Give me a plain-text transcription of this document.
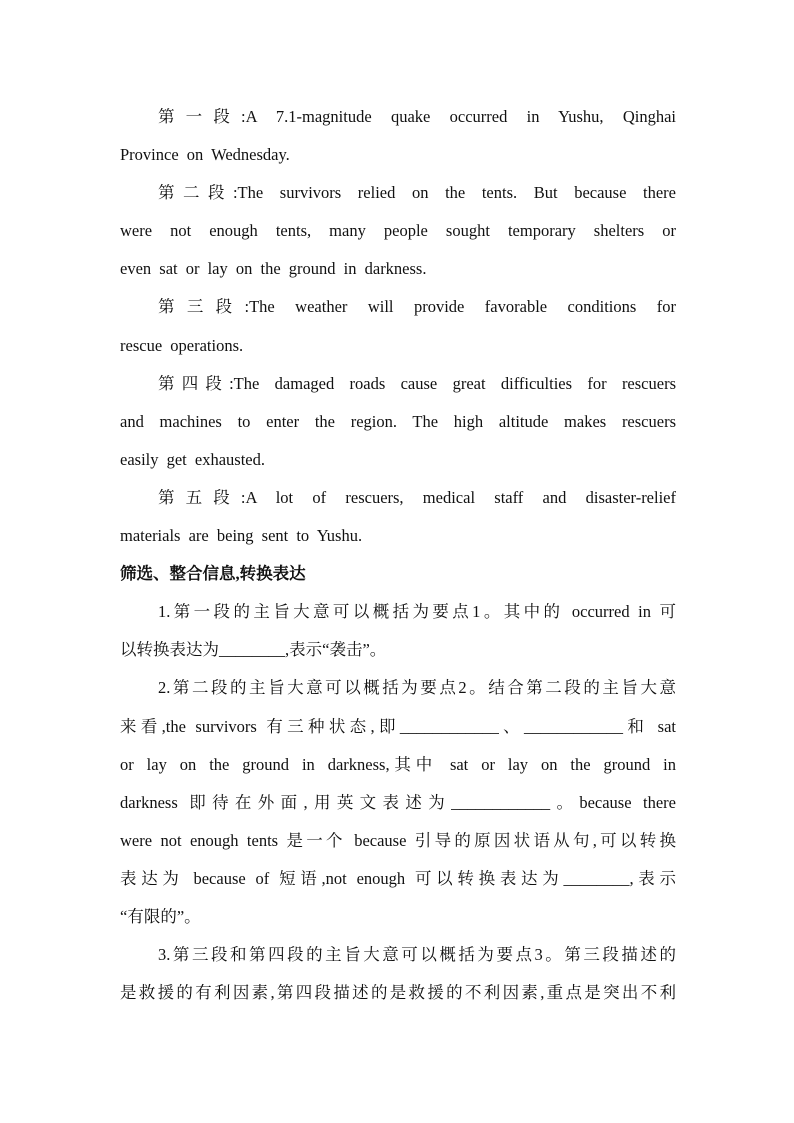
第一段:A 7.1-magnitude quake occurred in Yushu, Qinghai
Province on Wednesday.
第二段:The survivors relied on the tents. But because there
were not enough tents, many people sought temporary shelters or
even sat or lay on the ground in darkness.
第三段:The weather will provide favorable conditions for
rescue operations.
第四段:The damaged roads cause great difficulties for rescuers
and machines to enter the region. The high altitude makes rescuers
easily get exhausted.
第五段:A lot of rescuers, medical staff and disaster-relief
materials are being sent to Yushu.
筛选、整合信息,转换表达
1.第一段的主旨大意可以概括为要点1。其中的 occurred in 可
以转换表达为________,表示“袭击”。
2.第二段的主旨大意可以概括为要点2。结合第二段的主旨大意
来看,the survivors 有三种状态,即____________、____________和 sat
or lay on the ground in darkness,其中 sat or lay on the ground in
darkness 即待在外面,用英文表述为____________。because there
were not enough tents 是一个 because 引导的原因状语从句,可以转换
表达为 because of 短语,not enough 可以转换表达为________,表示
“有限的”。
3.第三段和第四段的主旨大意可以概括为要点3。第三段描述的
是救援的有利因素,第四段描述的是救援的不利因素,重点是突出不利
